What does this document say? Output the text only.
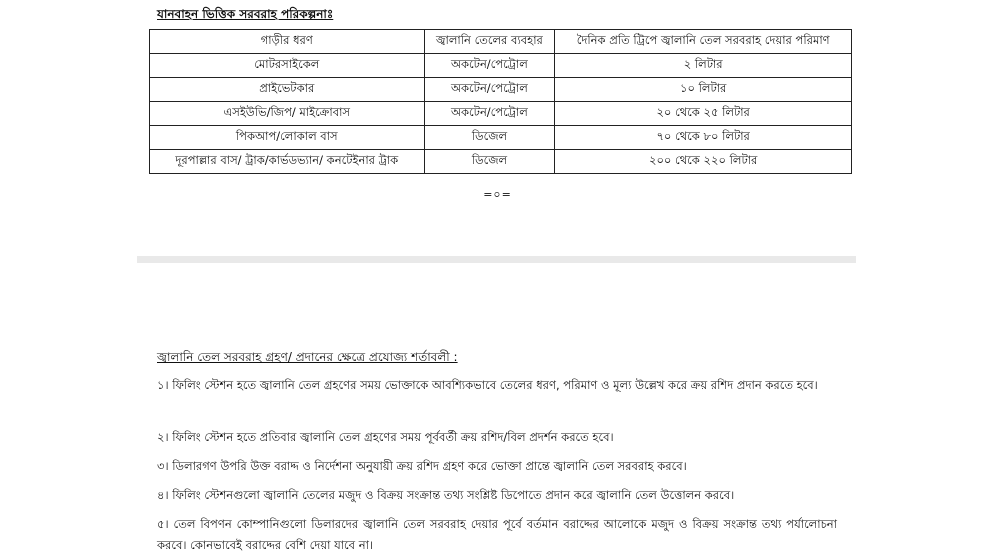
যানবাহন ভিত্তিক সরবরাহ পরিকল্পনাঃ
গাড়ীর ধরণ	জ্বালানি তেলের ব্যবহার	দৈনিক প্রতি ট্রিপে জ্বালানি তেল সরবরাহ দেয়ার পরিমাণ
মোটরসাইকেল	অকটেন/পেট্রোল	২ লিটার
প্রাইভেটকার	অকটেন/পেট্রোল	১০ লিটার
এসইউভি/জিপ/ মাইক্রোবাস	অকটেন/পেট্রোল	২০ থেকে ২৫ লিটার
পিকআপ/লোকাল বাস	ডিজেল	৭০ থেকে ৮০ লিটার
দূরপাল্লার বাস/ ট্রাক/কার্ভডভ্যান/ কনটেইনার ট্রাক	ডিজেল	২০০ থেকে ২২০ লিটার
=০=
জ্বালানি তেল সরবরাহ গ্রহণ/ প্রদানের ক্ষেত্রে প্রযোজ্য শর্তাবলী :
১। ফিলিং স্টেশন হতে জ্বালানি তেল গ্রহণের সময় ভোক্তাকে আবশ্যিকভাবে তেলের ধরণ, পরিমাণ ও মূল্য উল্লেখ করে ক্রয় রশিদ প্রদান করতে হবে।
২। ফিলিং স্টেশন হতে প্রতিবার জ্বালানি তেল গ্রহণের সময় পূর্ববর্তী ক্রয় রশিদ/বিল প্রদর্শন করতে হবে।
৩। ডিলারগণ উপরি উক্ত বরাদ্দ ও নির্দেশনা অনুযায়ী ক্রয় রশিদ গ্রহণ করে ভোক্তা প্রান্তে জ্বালানি তেল সরবরাহ করবে।
৪। ফিলিং স্টেশনগুলো জ্বালানি তেলের মজুদ ও বিক্রয় সংক্রান্ত তথ্য সংশ্লিষ্ট ডিপোতে প্রদান করে জ্বালানি তেল উত্তোলন করবে।
৫। তেল বিপণন কোম্পানিগুলো ডিলারদের জ্বালানি তেল সরবরাহ দেয়ার পূর্বে বর্তমান বরাদ্দের আলোকে মজুদ ও বিক্রয় সংক্রান্ত তথ্য পর্যালোচনা করবে। কোনভাবেই বরাদ্দের বেশি দেয়া যাবে না।
